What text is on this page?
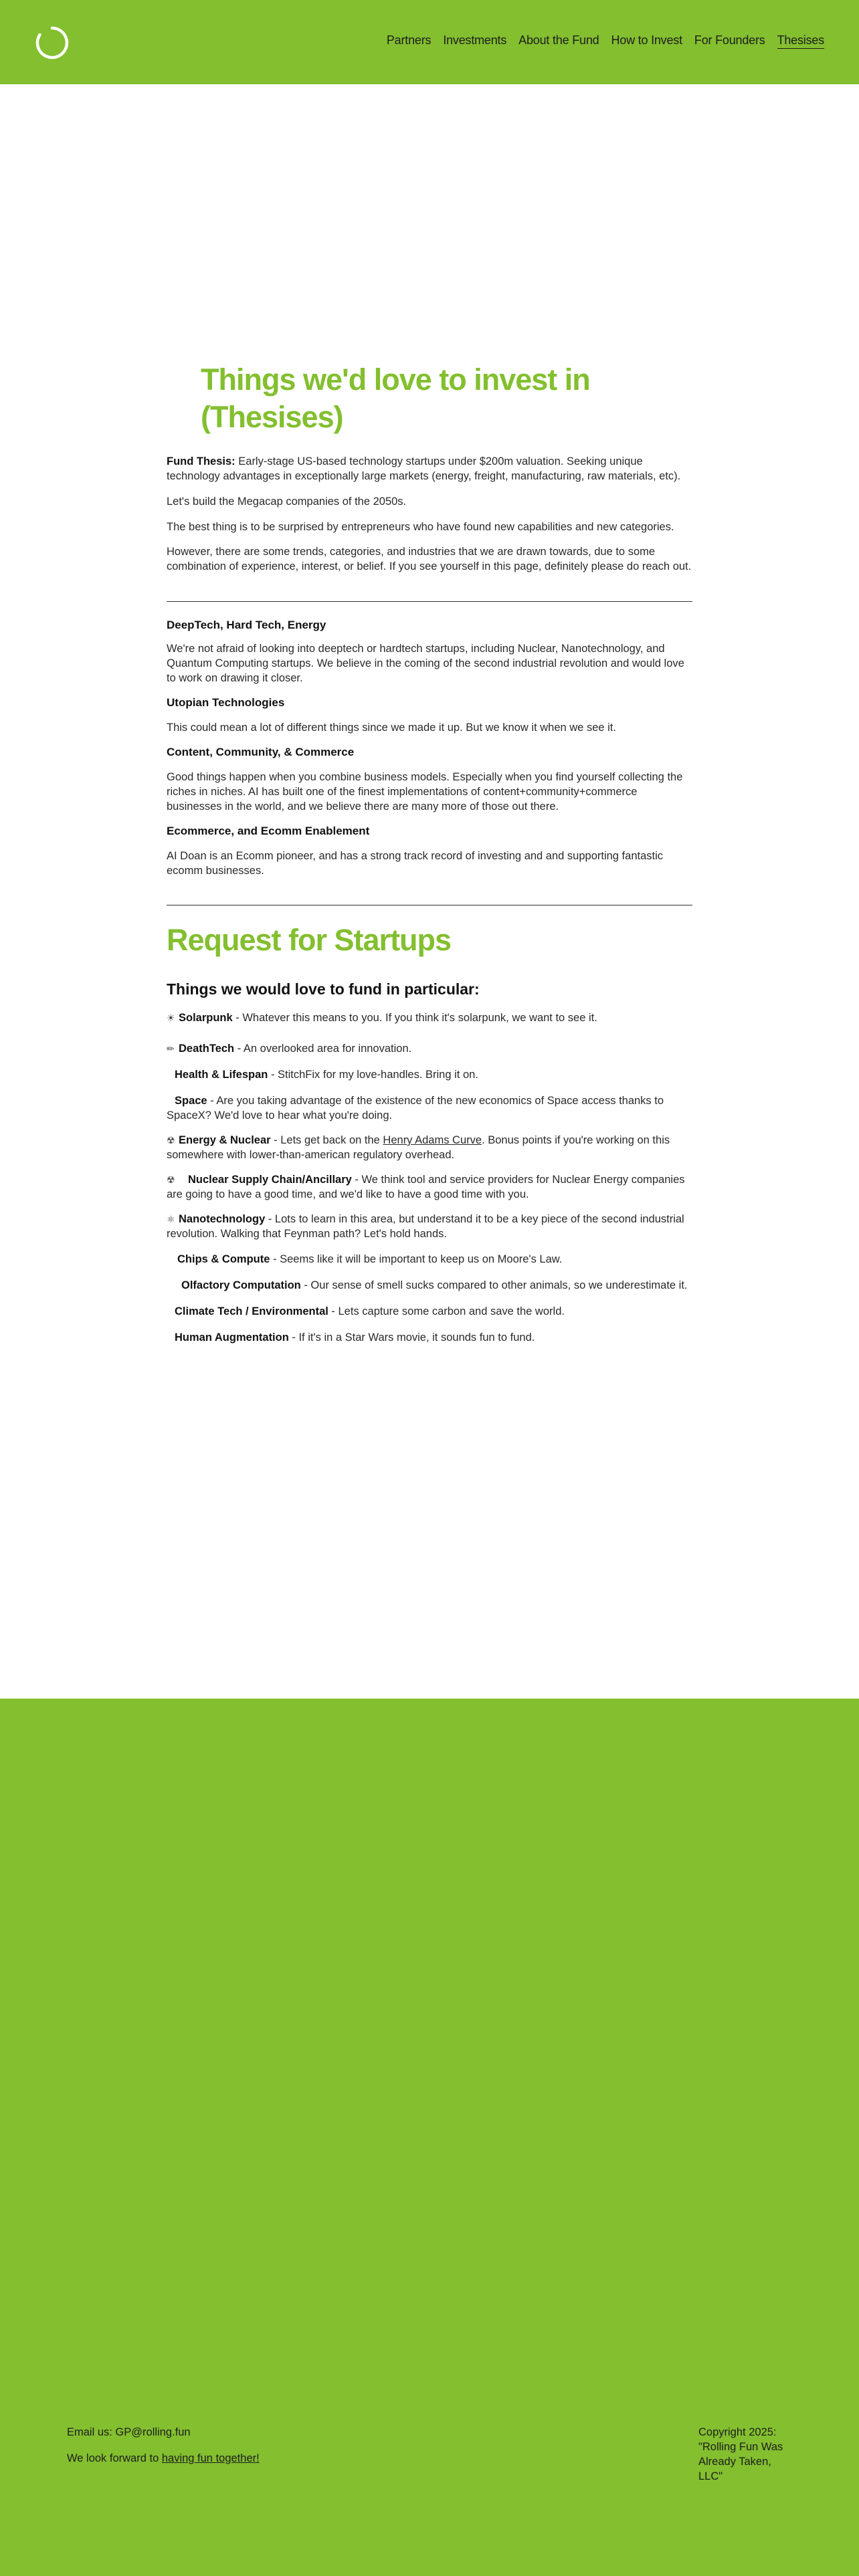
Partners Investments About the Fund How to Invest For Founders Thesises
Things we'd love to invest in (Thesises)

Fund Thesis: Early-stage US-based technology startups under $200m valuation. Seeking unique technology advantages in exceptionally large markets (energy, freight, manufacturing, raw materials, etc).

Let's build the Megacap companies of the 2050s.

The best thing is to be surprised by entrepreneurs who have found new capabilities and new categories.

However, there are some trends, categories, and industries that we are drawn towards, due to some combination of experience, interest, or belief. If you see yourself in this page, definitely please do reach out.

DeepTech, Hard Tech, Energy

We're not afraid of looking into deeptech or hardtech startups, including Nuclear, Nanotechnology, and Quantum Computing startups. We believe in the coming of the second industrial revolution and would love to work on drawing it closer.

Utopian Technologies

This could mean a lot of different things since we made it up. But we know it when we see it.

Content, Community, & Commerce

Good things happen when you combine business models. Especially when you find yourself collecting the riches in niches. AI has built one of the finest implementations of content+community+commerce businesses in the world, and we believe there are many more of those out there.

Ecommerce, and Ecomm Enablement

AI Doan is an Ecomm pioneer, and has a strong track record of investing and and supporting fantastic ecomm businesses.

Request for Startups
Things we would love to fund in particular:

☀ Solarpunk - Whatever this means to you. If you think it's solarpunk, we want to see it.

✏ DeathTech - An overlooked area for innovation.

Health & Lifespan - StitchFix for my love-handles. Bring it on.

Space - Are you taking advantage of the existence of the new economics of Space access thanks to SpaceX? We'd love to hear what you're doing.

☢ Energy & Nuclear - Lets get back on the Henry Adams Curve. Bonus points if you're working on this somewhere with lower-than-american regulatory overhead.

☢ Nuclear Supply Chain/Ancillary - We think tool and service providers for Nuclear Energy companies are going to have a good time, and we'd like to have a good time with you.

⚛ Nanotechnology - Lots to learn in this area, but understand it to be a key piece of the second industrial revolution. Walking that Feynman path? Let's hold hands.

Chips & Compute - Seems like it will be important to keep us on Moore's Law.

Olfactory Computation - Our sense of smell sucks compared to other animals, so we underestimate it.

Climate Tech / Environmental - Lets capture some carbon and save the world.

Human Augmentation - If it's in a Star Wars movie, it sounds fun to fund.

Email us: GP@rolling.fun
We look forward to having fun together!
Copyright 2025: "Rolling Fun Was Already Taken, LLC"
